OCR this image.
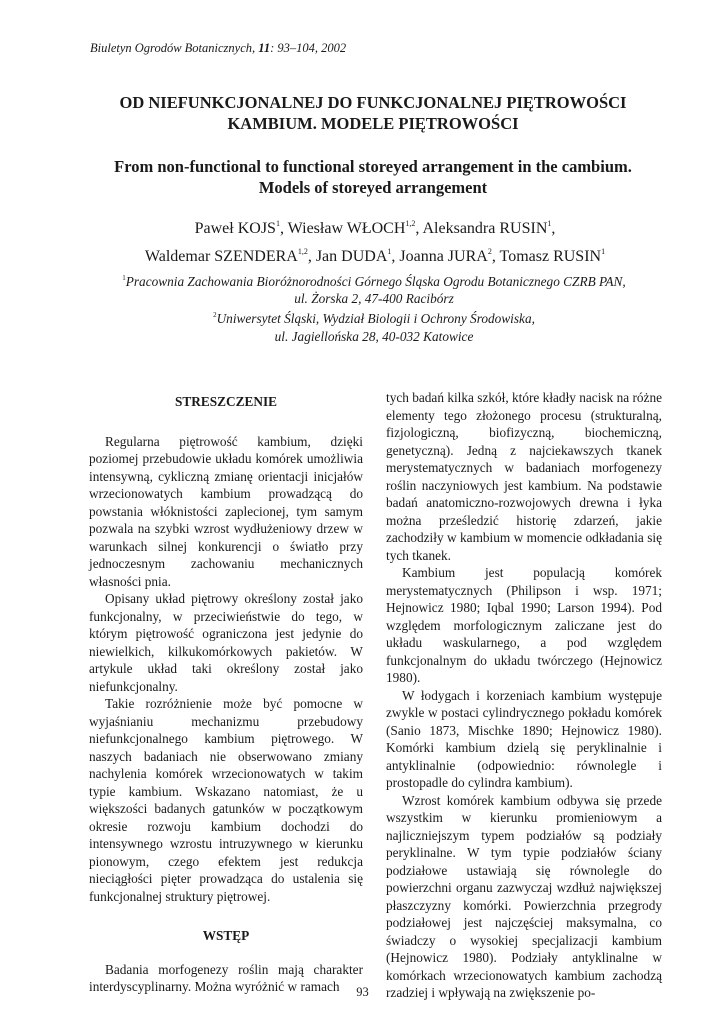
Biuletyn Ogrodów Botanicznych, 11: 93–104, 2002
OD NIEFUNKCJONALNEJ DO FUNKCJONALNEJ PIĘTROWOŚCI
KAMBIUM. MODELE PIĘTROWOŚCI
From non-functional to functional storeyed arrangement in the cambium.
Models of storeyed arrangement
Paweł KOJS$^1$, Wiesław WŁOCH$^{1,2}$, Aleksandra RUSIN$^1$,
Waldemar SZENDERA$^{1,2}$, Jan DUDA$^1$, Joanna JURA$^2$, Tomasz RUSIN$^1$
$^1$Pracownia Zachowania Bioróżnorodności Górnego Śląska Ogrodu Botanicznego CZRB PAN,
ul. Żorska 2, 47-400 Racibórz
$^2$Uniwersytet Śląski, Wydział Biologii i Ochrony Środowiska,
ul. Jagiellońska 28, 40-032 Katowice
STRESZCZENIE

Regularna piętrowość kambium, dzięki poziomej przebudowie układu komórek umożliwia intensywną, cykliczną zmianę orientacji inicjałów wrzecionowatych kambium prowadzącą do powstania włóknistości zaplecionej, tym samym pozwala na szybki wzrost wydłużeniowy drzew w warunkach silnej konkurencji o światło przy jednoczesnym zachowaniu mechanicznych własności pnia.

Opisany układ piętrowy określony został jako funkcjonalny, w przeciwieństwie do tego, w którym piętrowość ograniczona jest jedynie do niewielkich, kilkukomórkowych pakietów. W artykule układ taki określony został jako niefunkcjonalny.

Takie rozróżnienie może być pomocne w wyjaśnianiu mechanizmu przebudowy niefunkcjonalnego kambium piętrowego. W naszych badaniach nie obserwowano zmiany nachylenia komórek wrzecionowatych w takim typie kambium. Wskazano natomiast, że u większości badanych gatunków w początkowym okresie rozwoju kambium dochodzi do intensywnego wzrostu intruzywnego w kierunku pionowym, czego efektem jest redukcja nieciągłości pięter prowadząca do ustalenia się funkcjonalnej struktury piętrowej.

WSTĘP

Badania morfogenezy roślin mają charakter interdyscyplinarny. Można wyróżnić w ramach

tych badań kilka szkół, które kładły nacisk na różne elementy tego złożonego procesu (strukturalną, fizjologiczną, biofizyczną, biochemiczną, genetyczną). Jedną z najciekawszych tkanek merystematycznych w badaniach morfogenezy roślin naczyniowych jest kambium. Na podstawie badań anatomiczno-rozwojowych drewna i łyka można prześledzić historię zdarzeń, jakie zachodziły w kambium w momencie odkładania się tych tkanek.

Kambium jest populacją komórek merystematycznych (Philipson i wsp. 1971; Hejnowicz 1980; Iqbal 1990; Larson 1994). Pod względem morfologicznym zaliczane jest do układu waskularnego, a pod względem funkcjonalnym do układu twórczego (Hejnowicz 1980).

W łodygach i korzeniach kambium występuje zwykle w postaci cylindrycznego pokładu komórek (Sanio 1873, Mischke 1890; Hejnowicz 1980). Komórki kambium dzielą się peryklinalnie i antyklinalnie (odpowiednio: równolegle i prostopadle do cylindra kambium).

Wzrost komórek kambium odbywa się przede wszystkim w kierunku promieniowym a najliczniejszym typem podziałów są podziały peryklinalne. W tym typie podziałów ściany podziałowe ustawiają się równolegle do powierzchni organu zazwyczaj wzdłuż największej płaszczyzny komórki. Powierzchnia przegrody podziałowej jest najczęściej maksymalna, co świadczy o wysokiej specjalizacji kambium (Hejnowicz 1980). Podziały antyklinalne w komórkach wrzecionowatych kambium zachodzą rzadziej i wpływają na zwiększenie po-

93
